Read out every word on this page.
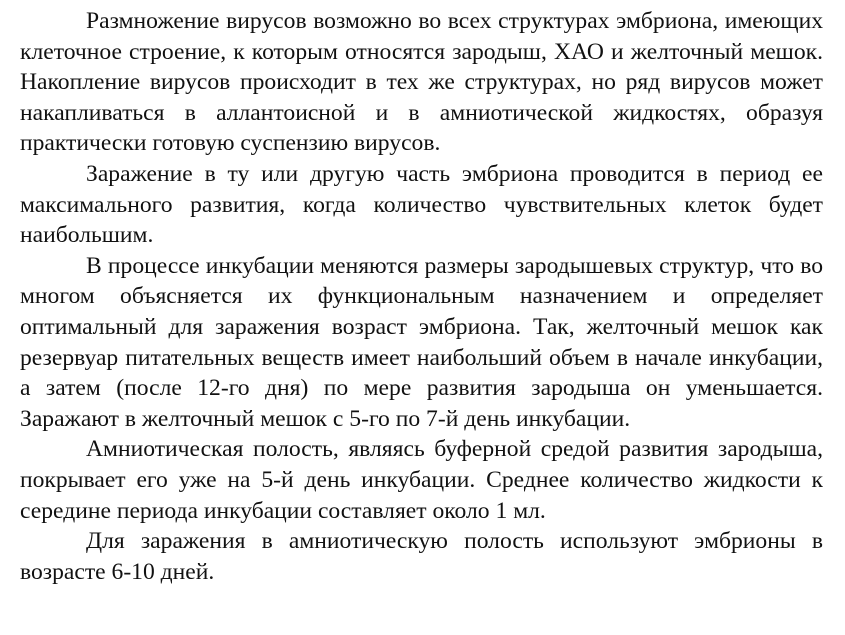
Размножение вирусов возможно во всех структурах эмбриона, имеющих клеточное строение, к которым относятся зародыш, ХАО и желточный мешок. Накопление вирусов происходит в тех же структурах, но ряд вирусов может накапливаться в аллантоисной и в амниотической жидкостях, образуя практически готовую суспензию вирусов.

Заражение в ту или другую часть эмбриона проводится в период ее максимального развития, когда количество чувствительных клеток будет наибольшим.

В процессе инкубации меняются размеры зародышевых структур, что во многом объясняется их функциональным назначением и определяет оптимальный для заражения возраст эмбриона. Так, желточный мешок как резервуар питательных веществ имеет наибольший объем в начале инкубации, а затем (после 12-го дня) по мере развития зародыша он уменьшается. Заражают в желточный мешок с 5-го по 7-й день инкубации.

Амниотическая полость, являясь буферной средой развития зародыша, покрывает его уже на 5-й день инкубации. Среднее количество жидкости к середине периода инкубации составляет около 1 мл.

Для заражения в амниотическую полость используют эмбрионы в возрасте 6-10 дней.
